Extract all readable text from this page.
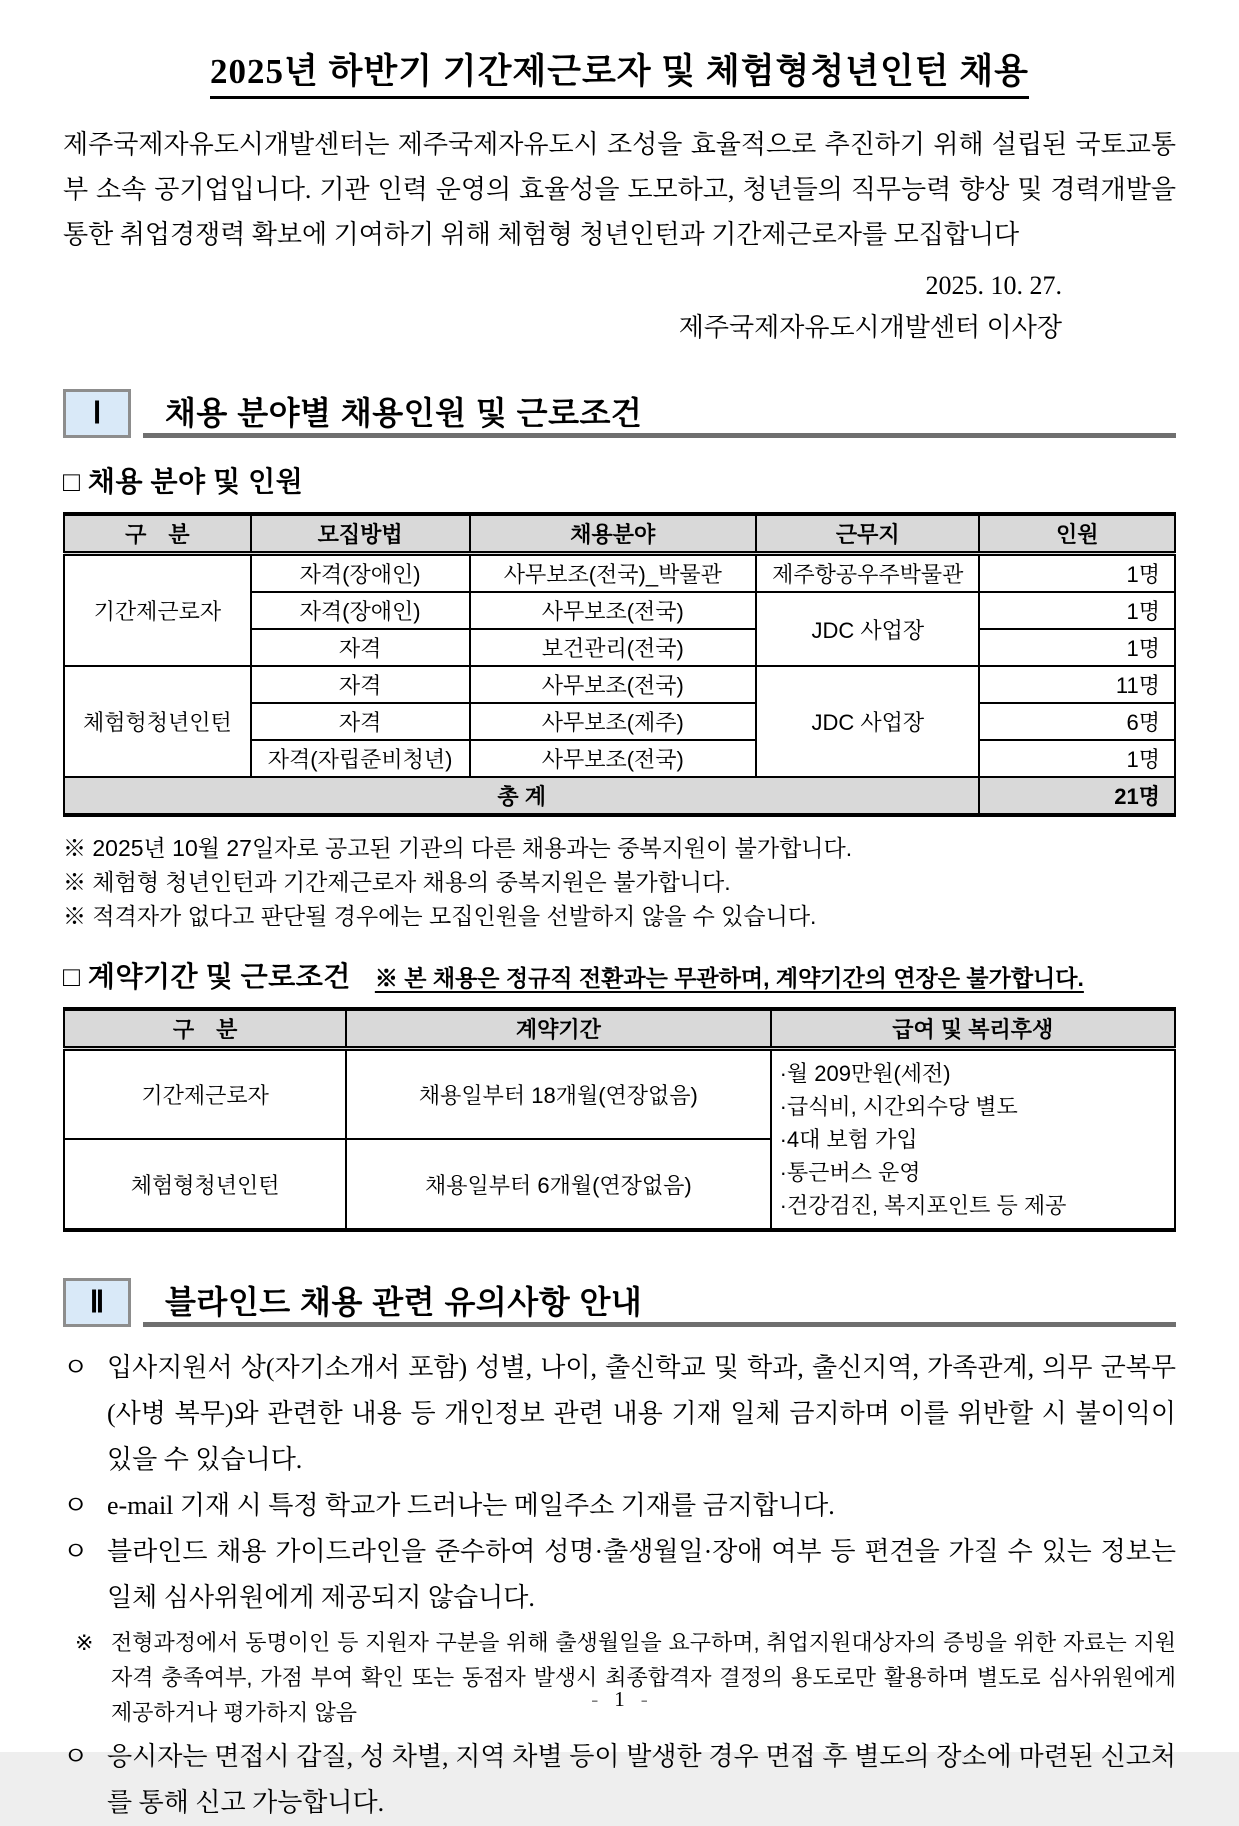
2025년 하반기 기간제근로자 및 체험형청년인턴 채용

제주국제자유도시개발센터는 제주국제자유도시 조성을 효율적으로 추진하기 위해 설립된 국토교통부 소속 공기업입니다. 기관 인력 운영의 효율성을 도모하고, 청년들의 직무능력 향상 및 경력개발을 통한 취업경쟁력 확보에 기여하기 위해 체험형 청년인턴과 기간제근로자를 모집합니다

2025. 10. 27.
제주국제자유도시개발센터 이사장
Ⅰ	채용 분야별 채용인원 및 근로조건
□ 채용 분야 및 인원
구　분	모집방법	채용분야	근무지	인원
기간제근로자	자격(장애인)	사무보조(전국)_박물관	제주항공우주박물관	1명
	자격(장애인)	사무보조(전국)	JDC 사업장	1명
	자격	보건관리(전국)		1명
체험헝청년인턴	자격	사무보조(전국)	JDC 사업장	11명
	자격	사무보조(제주)		6명
	자격(자립준비청년)	사무보조(전국)		1명
총 계				21명

※ 2025년 10월 27일자로 공고된 기관의 다른 채용과는 중복지원이 불가합니다.

※ 체험형 청년인턴과 기간제근로자 채용의 중복지원은 불가합니다.

※ 적격자가 없다고 판단될 경우에는 모집인원을 선발하지 않을 수 있습니다.

□ 계약기간 및 근로조건 ※ 본 채용은 정규직 전환과는 무관하며, 계약기간의 연장은 불가합니다.
구　분	계약기간	급여 및 복리후생
기간제근로자	채용일부터 18개월(연장없음)	·월 209만원(세전)
·급식비, 시간외수당 별도
·4대 보험 가입
·통근버스 운영
·건강검진, 복지포인트 등 제공

체험형청년인턴	채용일부터 6개월(연장없음)	
Ⅱ	블라인드 채용 관련 유의사항 안내
ㅇ 입사지원서 상(자기소개서 포함) 성별, 나이, 출신학교 및 학과, 출신지역, 가족관계, 의무 군복무 (사병 복무)와 관련한 내용 등 개인정보 관련 내용 기재 일체 금지하며 이를 위반할 시 불이익이 있을 수 있습니다.
ㅇ e-mail 기재 시 특정 학교가 드러나는 메일주소 기재를 금지합니다.
ㅇ 블라인드 채용 가이드라인을 준수하여 성명·출생월일·장애 여부 등 편견을 가질 수 있는 정보는 일체 심사위원에게 제공되지 않습니다.
※ 전형과정에서 동명이인 등 지원자 구분을 위해 출생월일을 요구하며, 취업지원대상자의 증빙을 위한 자료는 지원 자격 충족여부, 가점 부여 확인 또는 동점자 발생시 최종합격자 결정의 용도로만 활용하며 별도로 심사위원에게 제공하거나 평가하지 않음
ㅇ 응시자는 면접시 갑질, 성 차별, 지역 차별 등이 발생한 경우 면접 후 별도의 장소에 마련된 신고처를 통해 신고 가능합니다.
- 1 -
